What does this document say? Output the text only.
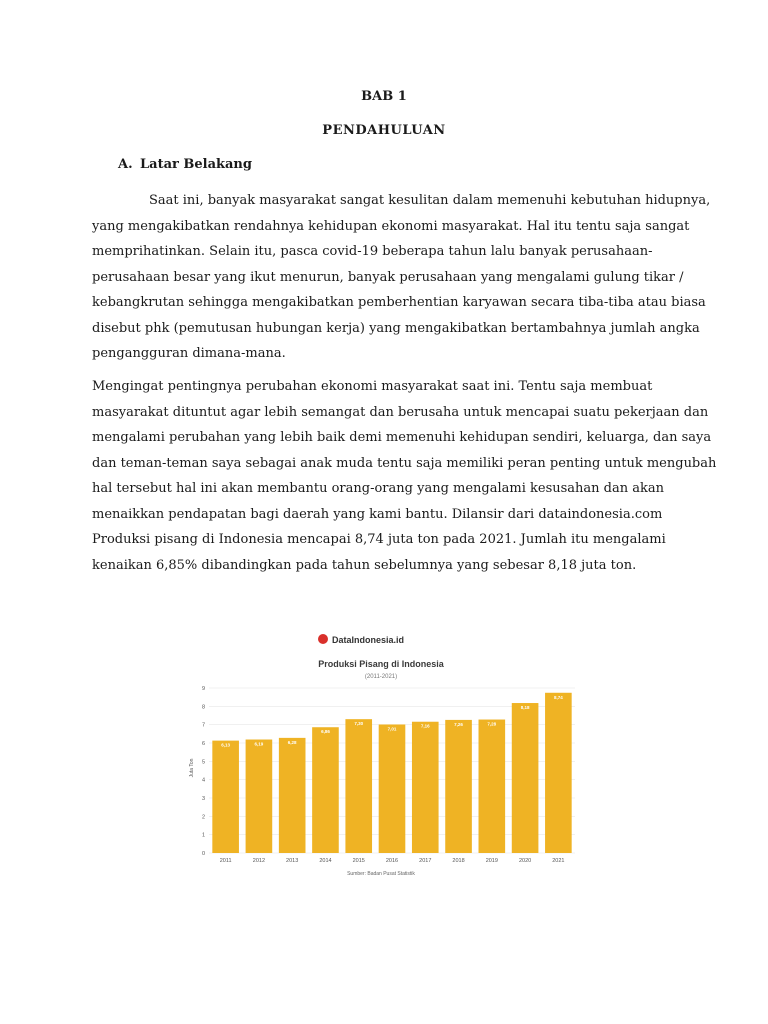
BAB 1
PENDAHULUAN
A. Latar Belakang
Saat ini, banyak masyarakat sangat kesulitan dalam memenuhi kebutuhan hidupnya,
yang mengakibatkan rendahnya kehidupan ekonomi masyarakat. Hal itu tentu saja sangat
memprihatinkan. Selain itu, pasca covid-19 beberapa tahun lalu banyak perusahaan-
perusahaan besar yang ikut menurun, banyak perusahaan yang mengalami gulung tikar /
kebangkrutan sehingga mengakibatkan pemberhentian karyawan secara tiba-tiba atau biasa
disebut phk (pemutusan hubungan kerja) yang mengakibatkan bertambahnya jumlah angka
pengangguran dimana-mana.
Mengingat pentingnya perubahan ekonomi masyarakat saat ini. Tentu saja membuat
masyarakat dituntut agar lebih semangat dan berusaha untuk mencapai suatu pekerjaan dan
mengalami perubahan yang lebih baik demi memenuhi kehidupan sendiri, keluarga, dan saya
dan teman-teman saya sebagai anak muda tentu saja memiliki peran penting untuk mengubah
hal tersebut hal ini akan membantu orang-orang yang mengalami kesusahan dan akan
menaikkan pendapatan bagi daerah yang kami bantu. Dilansir dari dataindonesia.com
Produksi pisang di Indonesia mencapai 8,74 juta ton pada 2021. Jumlah itu mengalami
kenaikan 6,85% dibandingkan pada tahun sebelumnya yang sebesar 8,18 juta ton.
DataIndonesia.id
Produksi Pisang di Indonesia
(2011-2021)
Juta Ton
0
1
2
3
4
5
6
7
8
9
6,13	6,19	6,28
6,86
7,30
7,01
7,16	7,26	7,28
8,18
8,74
2011	2012	2013	2014	2015	2016	2017	2018	2019	2020	2021
Sumber: Badan Pusat Statistik
